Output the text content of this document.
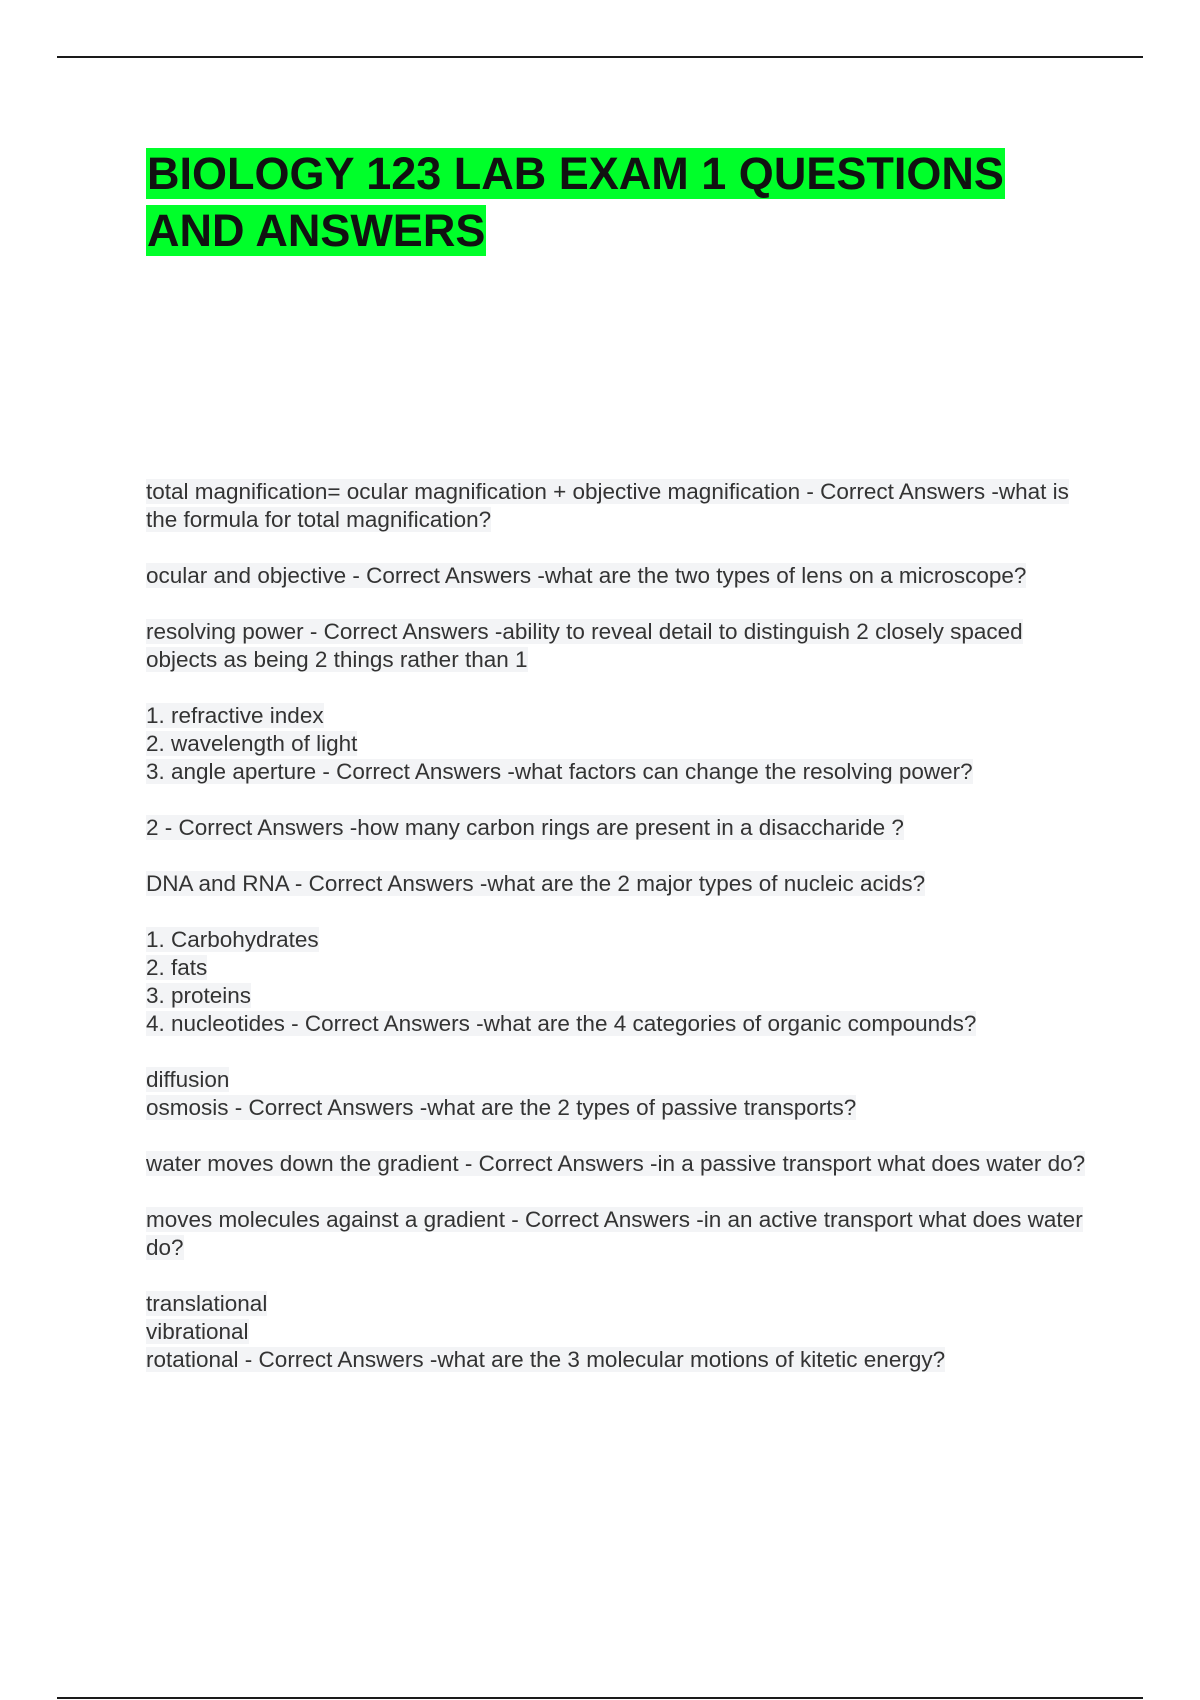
BIOLOGY 123 LAB EXAM 1 QUESTIONS AND ANSWERS
total magnification= ocular magnification + objective magnification - Correct Answers -what is the formula for total magnification?
ocular and objective - Correct Answers -what are the two types of lens on a microscope?
resolving power - Correct Answers -ability to reveal detail to distinguish 2 closely spaced objects as being 2 things rather than 1
1. refractive index
2. wavelength of light
3. angle aperture - Correct Answers -what factors can change the resolving power?
2 - Correct Answers -how many carbon rings are present in a disaccharide ?
DNA and RNA - Correct Answers -what are the 2 major types of nucleic acids?
1. Carbohydrates
2. fats
3. proteins
4. nucleotides - Correct Answers -what are the 4 categories of organic compounds?
diffusion
osmosis - Correct Answers -what are the 2 types of passive transports?
water moves down the gradient - Correct Answers -in a passive transport what does water do?
moves molecules against a gradient - Correct Answers -in an active transport what does water do?
translational
vibrational
rotational - Correct Answers -what are the 3 molecular motions of kitetic energy?
